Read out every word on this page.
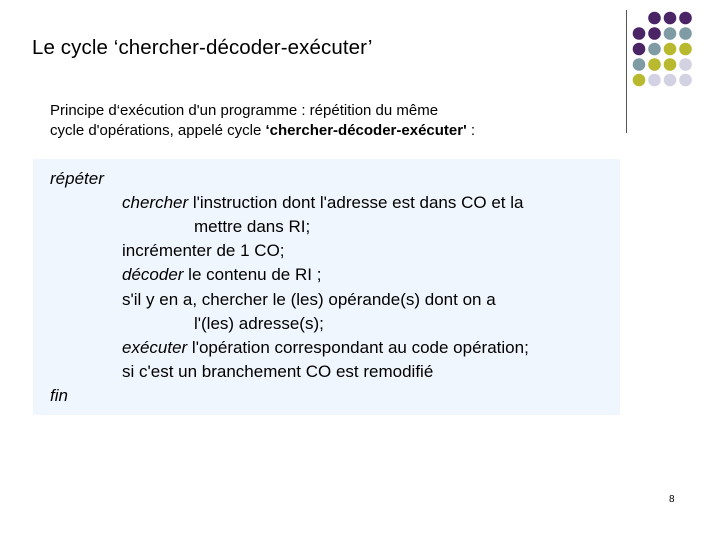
Le cycle ‘chercher-décoder-exécuter’
Principe d‘exécution d'un programme : répétition du même
cycle d'opérations, appelé cycle ‘chercher-décoder-exécuter' :
répéter
chercher l'instruction dont l'adresse est dans CO et la
mettre dans RI;
incrémenter de 1 CO;
décoder le contenu de RI ;
s'il y en a, chercher le (les) opérande(s) dont on a
l'(les) adresse(s);
exécuter l'opération correspondant au code opération;
si c'est un branchement CO est remodifié
fin
8
